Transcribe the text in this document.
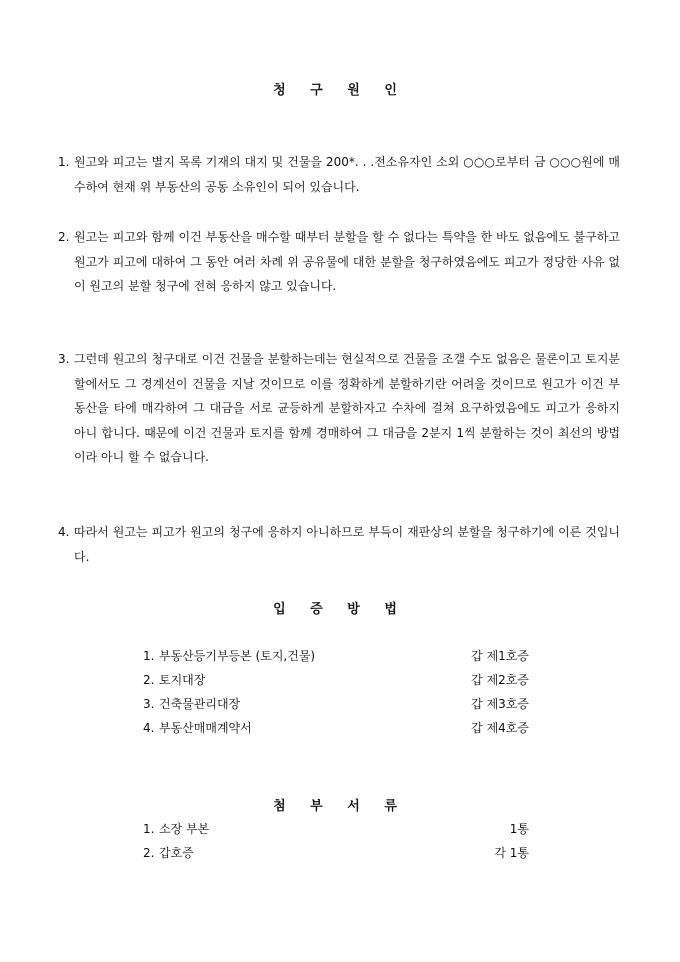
청 구 원 인
1. 원고와 피고는 별지 목록 기재의 대지 및 건물을 200*. . .전소유자인 소외 ○○○로부터 금 ○○○원에 매수하여 현재 위 부동산의 공동 소유인이 되어 있습니다.
2. 원고는 피고와 함께 이건 부동산을 매수할 때부터 분할을 할 수 없다는 특약을 한 바도 없음에도 불구하고 원고가 피고에 대하여 그 동안 여러 차례 위 공유물에 대한 분할을 청구하였음에도 피고가 정당한 사유 없이 원고의 분할 청구에 전혀 응하지 않고 있습니다.
3. 그런데 원고의 청구대로 이건 건물을 분할하는데는 현실적으로 건물을 조갤 수도 없음은 물론이고 토지분할에서도 그 경계선이 건물을 지날 것이므로 이를 정확하게 분할하기란 어려울 것이므로 원고가 이건 부동산을 타에 매각하여 그 대금을 서로 균등하게 분할하자고 수차에 걸쳐 요구하였음에도 피고가 응하지 아니 합니다. 때문에 이건 건물과 토지를 함께 경매하여 그 대금을 2분지 1씩 분할하는 것이 최선의 방법이라 아니 할 수 없습니다.
4. 따라서 원고는 피고가 원고의 청구에 응하지 아니하므로 부득이 재판상의 분할을 청구하기에 이른 것입니다.
입 증 방 법
1. 부동산등기부등본 (토지,건물)	갑 제1호증
2. 토지대장	갑 제2호증
3. 건축물관리대장	갑 제3호증
4. 부동산매매계약서	갑 제4호증
첨 부 서 류
1. 소장 부본	1통
2. 갑호증	각 1통
